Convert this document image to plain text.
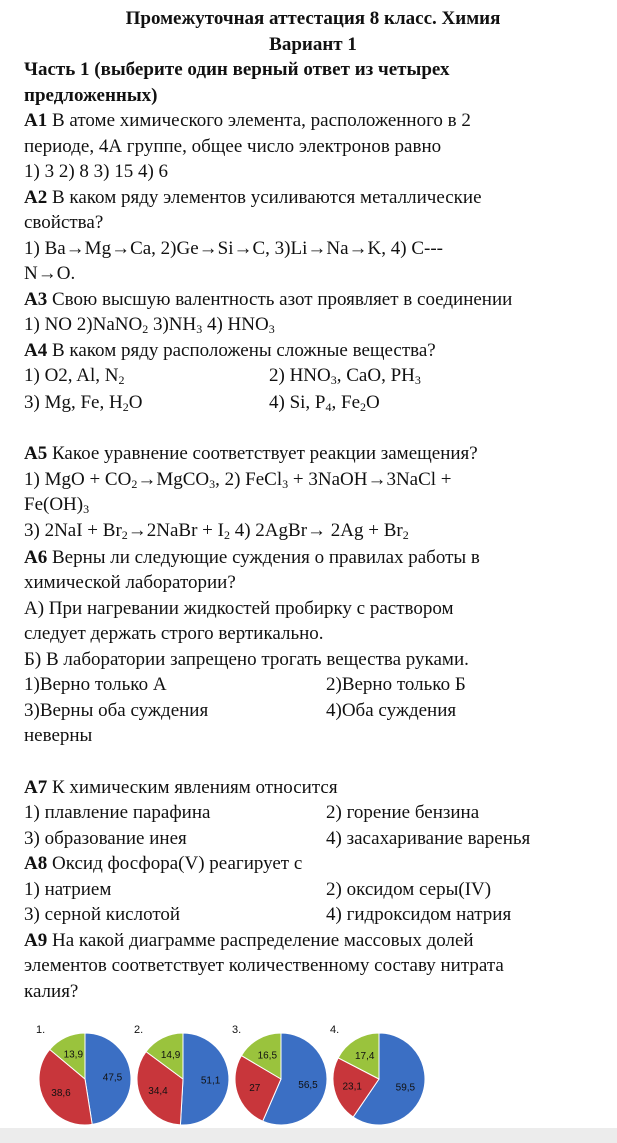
Промежуточная аттестация 8 класс. Химия
Вариант 1
Часть 1 (выберите один верный ответ из четырех
предложенных)
А1 В атоме химического элемента, расположенного в 2
периоде, 4А группе, общее число электронов равно
1) 3 2) 8 3) 15 4) 6
А2 В каком ряду элементов усиливаются металлические
свойства?
1) Ba→Mg→Ca, 2)Ge→Si→C, 3)Li→Na→K, 4) C---
N→O.
А3 Свою высшую валентность азот проявляет в соединении
1) NO 2)NaNO$_2$ $3)NH_3$ 4) $HNO_3$
А4 В каком ряду расположены сложные вещества?
1) O2, Al, $N_2$	2) $HNO_3$, CaO, $PH_3$
3) Mg, Fe, $H_2O$	4) Si, $P_4$, $Fe_2O$
А5 Какое уравнение соответствует реакции замещения?
1) MgO + $CO_2\to MgCO_3$, 2) FeCl$_3$ + 3NaOH→3NaCl +
$Fe(OH)_3$
3) $2NaI + Br_2\to 2NaBr + I_2$ 4) 2AgBr→ $2Ag + Br_2$
А6 Верны ли следующие суждения о правилах работы в
химической лаборатории?
А) При нагревании жидкостей пробирку с раствором
следует держать строго вертикально.
Б) В лаборатории запрещено трогать вещества руками.
1)Верно только А	2)Верно только Б
3)Верны оба суждения	4)Оба суждения
неверны
А7 К химическим явлениям относится
1) плавление парафина	2) горение бензина
3) образование инея	4) засахаривание варенья
А8 Оксид фосфора(V) реагирует с
1) натрием	2) оксидом серы(IV)
3) серной кислотой	4) гидроксидом натрия
А9 На какой диаграмме распределение массовых долей
элементов соответствует количественному составу нитрата
калия?
1.
47,5
38,6
13,9
2.
51,1
34,4
14,9
3.
56,5
27
16,5
4.
59,5
23,1
17,4
